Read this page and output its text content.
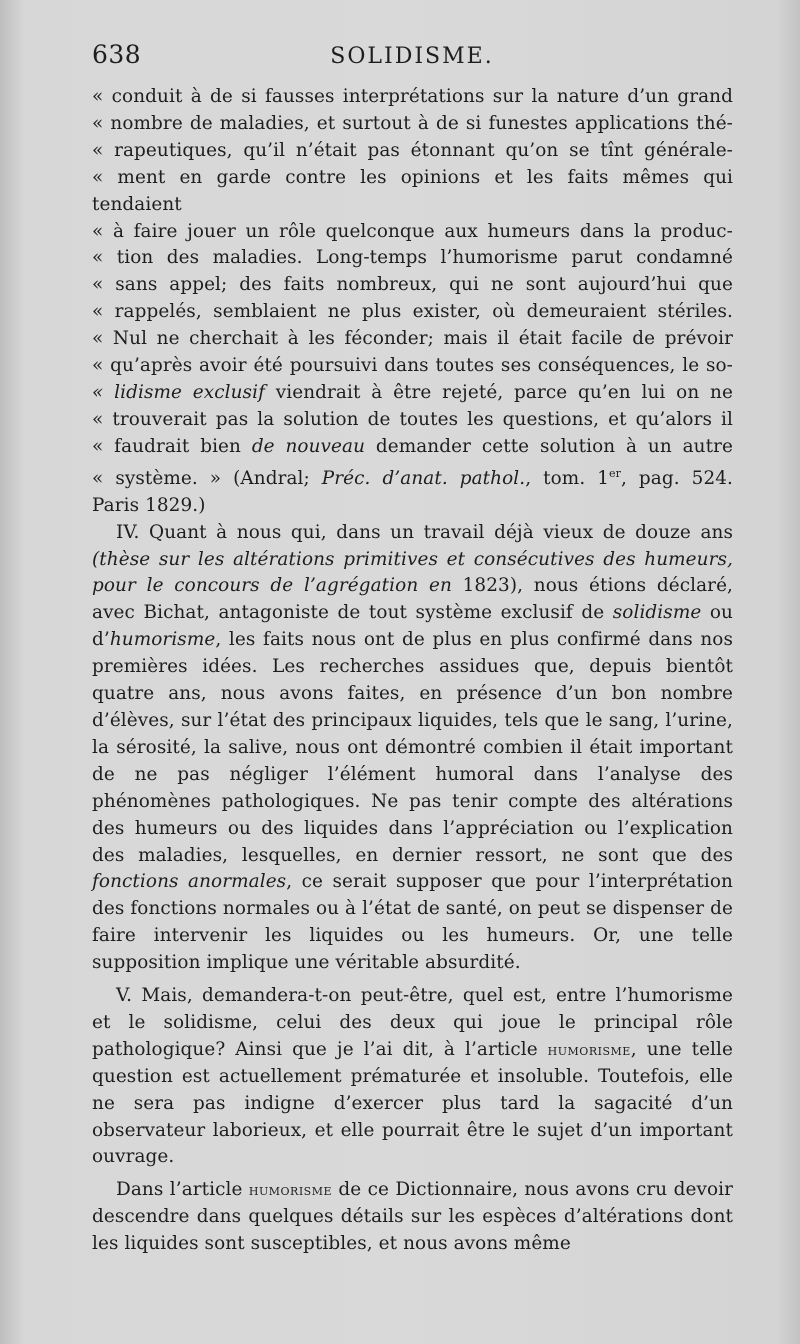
638	SOLIDISME.
« conduit à de si fausses interprétations sur la nature d’un grand
« nombre de maladies, et surtout à de si funestes applications thé-
« rapeutiques, qu’il n’était pas étonnant qu’on se tînt générale-
« ment en garde contre les opinions et les faits mêmes qui tendaient
« à faire jouer un rôle quelconque aux humeurs dans la produc-
« tion des maladies. Long-temps l’humorisme parut condamné
« sans appel; des faits nombreux, qui ne sont aujourd’hui que
« rappelés, semblaient ne plus exister, où demeuraient stériles.
« Nul ne cherchait à les féconder; mais il était facile de prévoir
« qu’après avoir été poursuivi dans toutes ses conséquences, le so-
« lidisme exclusif viendrait à être rejeté, parce qu’en lui on ne
« trouverait pas la solution de toutes les questions, et qu’alors il
« faudrait bien de nouveau demander cette solution à un autre
« système. » (Andral; Préc. d’anat. pathol., tom. 1er, pag. 524.
Paris 1829.)

IV. Quant à nous qui, dans un travail déjà vieux de douze ans (thèse sur les altérations primitives et consécutives des humeurs, pour le concours de l’agrégation en 1823), nous étions déclaré, avec Bichat, antagoniste de tout système exclusif de solidisme ou d’humorisme, les faits nous ont de plus en plus confirmé dans nos premières idées. Les recherches assidues que, depuis bientôt quatre ans, nous avons faites, en présence d’un bon nombre d’élèves, sur l’état des principaux liquides, tels que le sang, l’urine, la sérosité, la salive, nous ont démontré combien il était important de ne pas négliger l’élément humoral dans l’analyse des phénomènes pathologiques. Ne pas tenir compte des altérations des humeurs ou des liquides dans l’appréciation ou l’explication des maladies, lesquelles, en dernier ressort, ne sont que des fonctions anormales, ce serait supposer que pour l’interprétation des fonctions normales ou à l’état de santé, on peut se dispenser de faire intervenir les liquides ou les humeurs. Or, une telle supposition implique une véritable absurdité.

V. Mais, demandera-t-on peut-être, quel est, entre l’humorisme et le solidisme, celui des deux qui joue le principal rôle pathologique? Ainsi que je l’ai dit, à l’article humorisme, une telle question est actuellement prématurée et insoluble. Toutefois, elle ne sera pas indigne d’exercer plus tard la sagacité d’un observateur laborieux, et elle pourrait être le sujet d’un important ouvrage.

Dans l’article humorisme de ce Dictionnaire, nous avons cru devoir descendre dans quelques détails sur les espèces d’altérations dont les liquides sont susceptibles, et nous avons même
